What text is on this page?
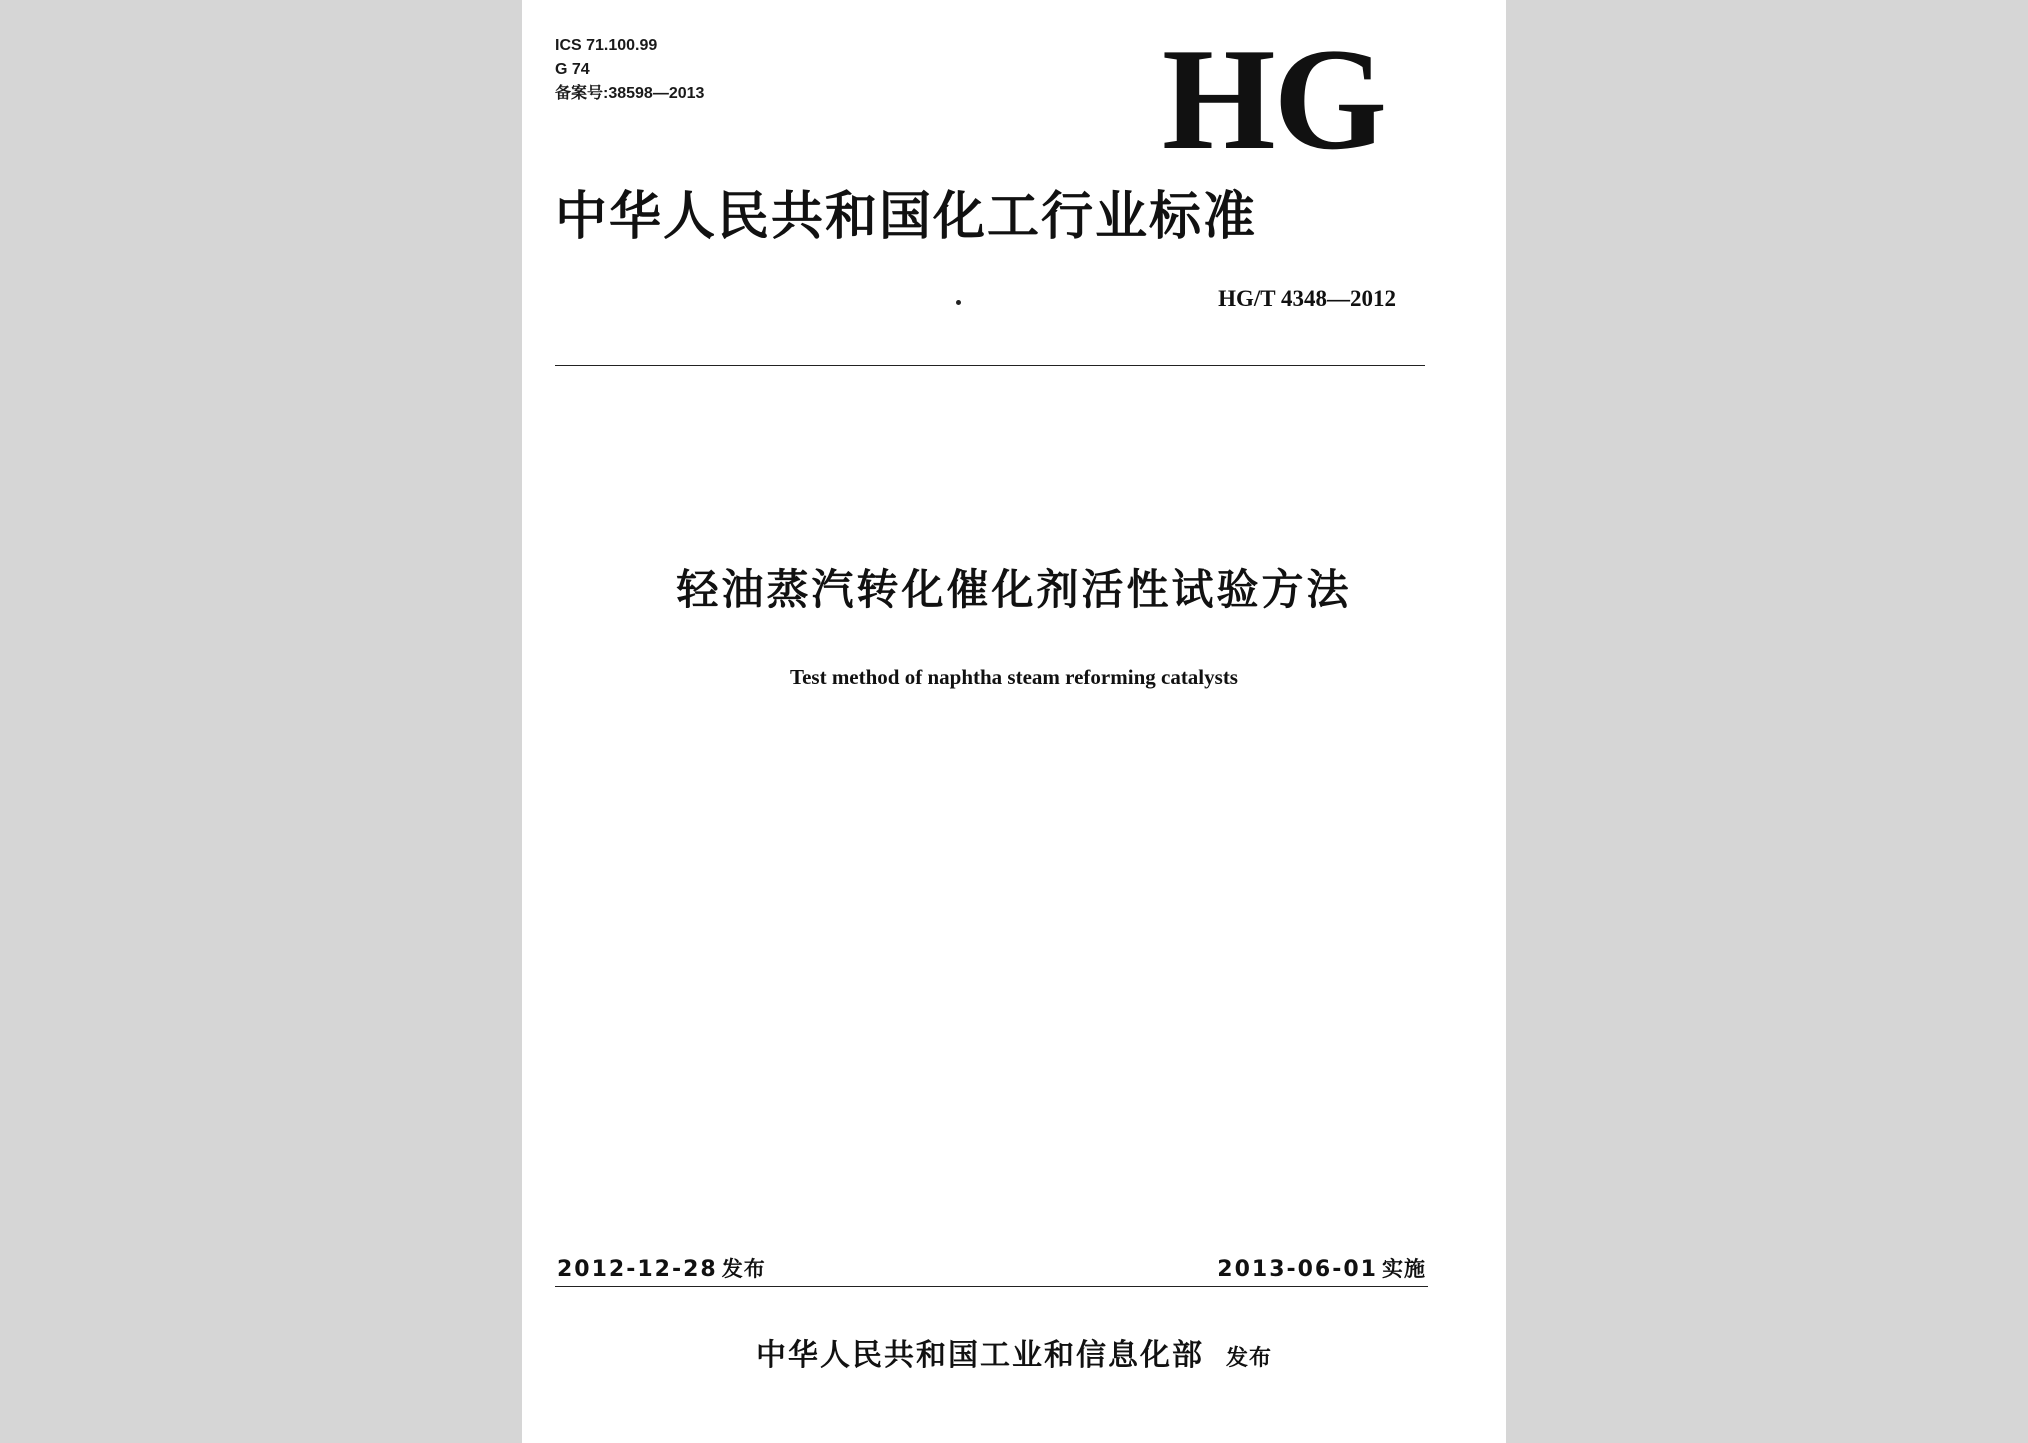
ICS 71.100.99
G 74
备案号:38598—2013	HG
中华人民共和国化工行业标准
HG/T 4348—2012
轻油蒸汽转化催化剂活性试验方法
Test method of naphtha steam reforming catalysts
2012-12-28 发布	2013-06-01 实施
中华人民共和国工业和信息化部 发布
